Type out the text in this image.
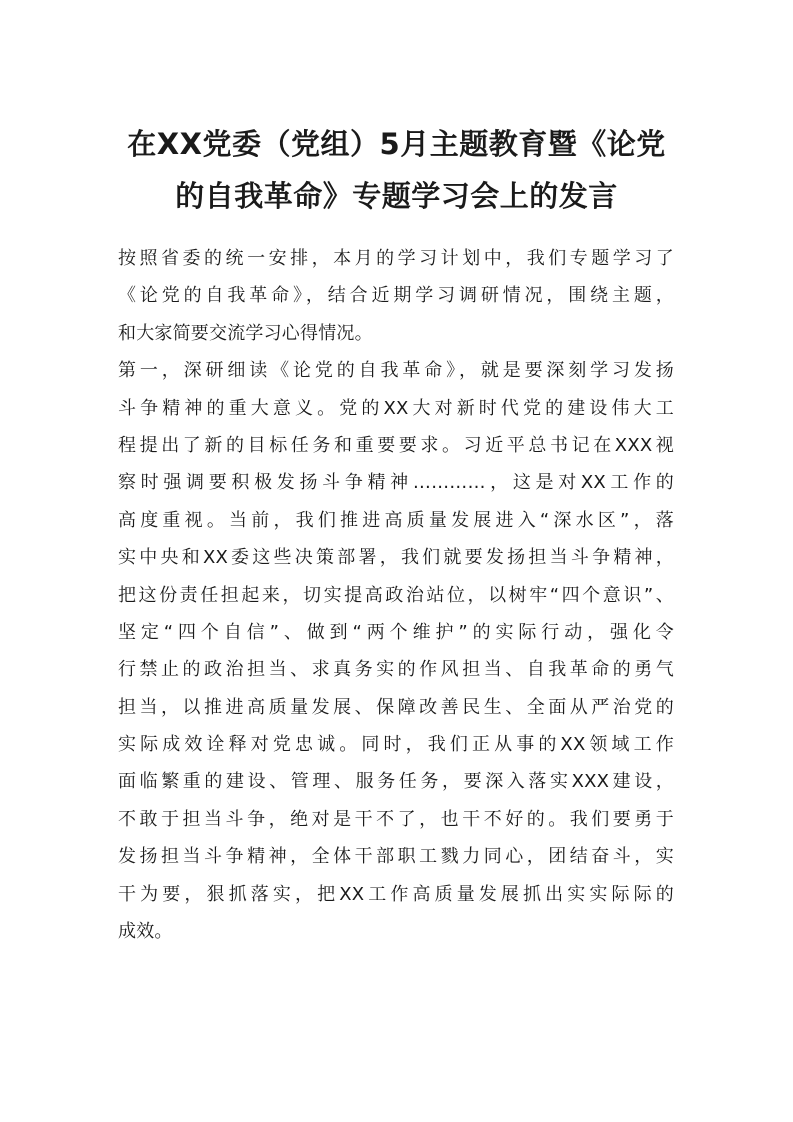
在XX党委（党组）5月主题教育暨《论党
的自我革命》专题学习会上的发言
按照省委的统一安排，本月的学习计划中，我们专题学习了
《论党的自我革命》，结合近期学习调研情况，围绕主题，
和大家简要交流学习心得情况。
第一，深研细读《论党的自我革命》，就是要深刻学习发扬
斗争精神的重大意义。党的XX大对新时代党的建设伟大工
程提出了新的目标任务和重要要求。习近平总书记在XXX视
察时强调要积极发扬斗争精神…………，这是对XX工作的
高度重视。当前，我们推进高质量发展进入“深水区”，落
实中央和XX委这些决策部署，我们就要发扬担当斗争精神，
把这份责任担起来，切实提高政治站位，以树牢“四个意识”、
坚定“四个自信”、做到“两个维护”的实际行动，强化令
行禁止的政治担当、求真务实的作风担当、自我革命的勇气
担当，以推进高质量发展、保障改善民生、全面从严治党的
实际成效诠释对党忠诚。同时，我们正从事的XX领域工作
面临繁重的建设、管理、服务任务，要深入落实XXX建设，
不敢于担当斗争，绝对是干不了，也干不好的。我们要勇于
发扬担当斗争精神，全体干部职工戮力同心，团结奋斗，实
干为要，狠抓落实，把XX工作高质量发展抓出实实际际的
成效。
